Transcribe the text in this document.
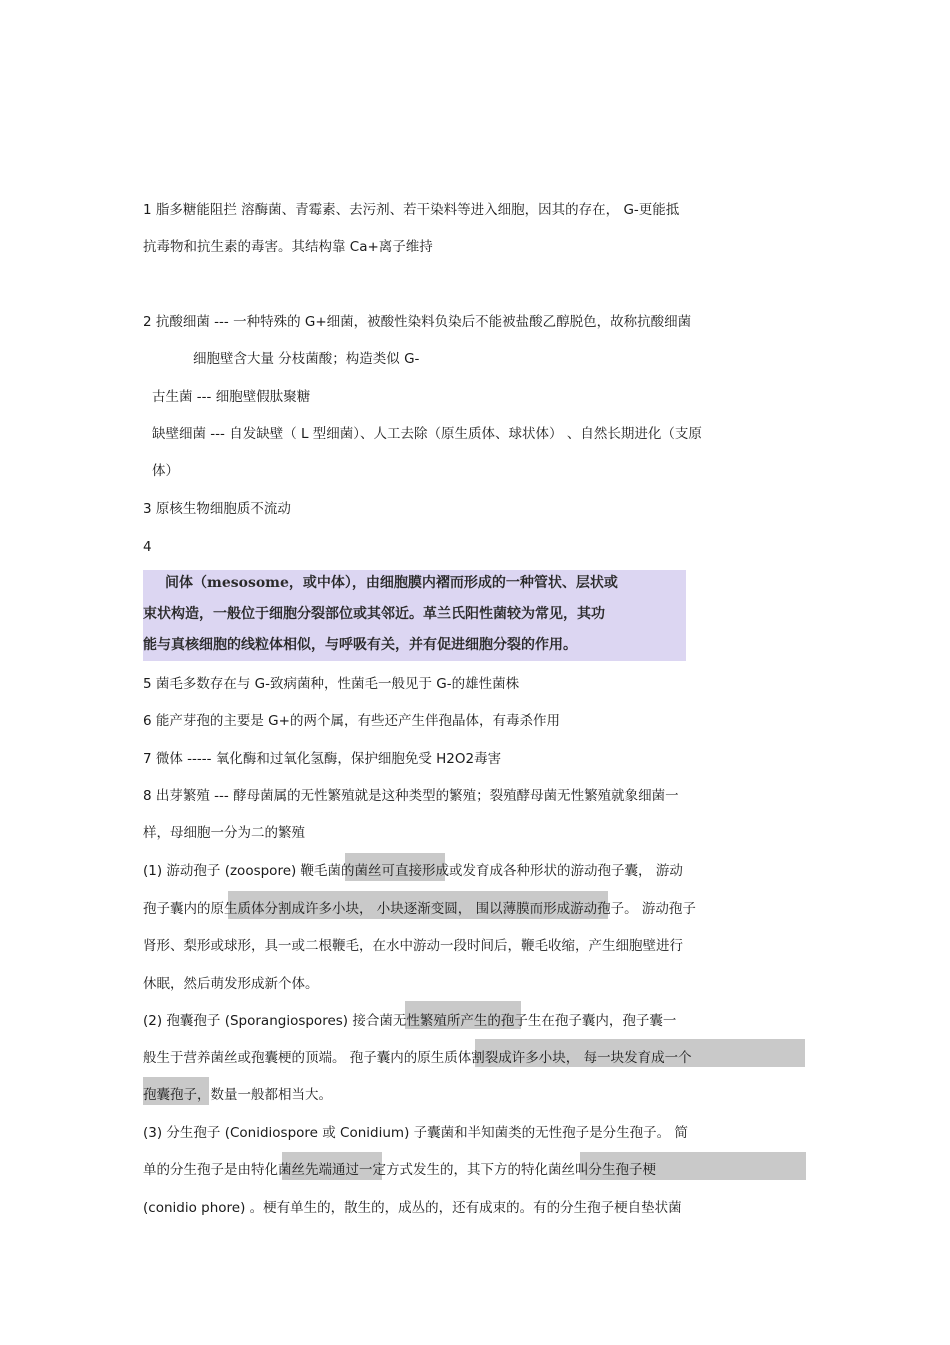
1 脂多糖能阻拦 溶酶菌、青霉素、去污剂、若干染料等进入细胞，因其的存在， G-更能抵
抗毒物和抗生素的毒害。其结构靠 Ca+离子维持
2 抗酸细菌 --- 一种特殊的 G+细菌，被酸性染料负染后不能被盐酸乙醇脱色，故称抗酸细菌
细胞壁含大量 分枝菌酸；构造类似 G-
古生菌 --- 细胞壁假肽聚糖
缺壁细菌 --- 自发缺壁（ L 型细菌）、人工去除（原生质体、球状体） 、自然长期进化（支原
体）
3 原核生物细胞质不流动
4
间体（mesosome，或中体），由细胞膜内褶而形成的一种管状、层状或
束状构造，一般位于细胞分裂部位或其邻近。革兰氏阳性菌较为常见，其功
能与真核细胞的线粒体相似，与呼吸有关，并有促进细胞分裂的作用。
5 菌毛多数存在与 G-致病菌种，性菌毛一般见于 G-的雄性菌株
6 能产芽孢的主要是 G+的两个属，有些还产生伴孢晶体，有毒杀作用
7 微体 ----- 氧化酶和过氧化氢酶，保护细胞免受 H2O2毒害
8 出芽繁殖 --- 酵母菌属的无性繁殖就是这种类型的繁殖；裂殖酵母菌无性繁殖就象细菌一
样，母细胞一分为二的繁殖
(1) 游动孢子 (zoospore) 鞭毛菌的菌丝可直接形成或发育成各种形状的游动孢子囊， 游动
孢子囊内的原生质体分割成许多小块， 小块逐渐变圆， 围以薄膜而形成游动孢子。 游动孢子
肾形、梨形或球形，具一或二根鞭毛，在水中游动一段时间后，鞭毛收缩，产生细胞壁进行
休眠，然后萌发形成新个体。
(2) 孢囊孢子 (Sporangiospores) 接合菌无性繁殖所产生的孢子生在孢子囊内，孢子囊一
般生于营养菌丝或孢囊梗的顶端。 孢子囊内的原生质体割裂成许多小块， 每一块发育成一个
孢囊孢子，数量一般都相当大。
(3) 分生孢子 (Conidiospore 或 Conidium) 子囊菌和半知菌类的无性孢子是分生孢子。 简
单的分生孢子是由特化菌丝先端通过一定方式发生的，其下方的特化菌丝叫分生孢子梗
(conidio phore) 。梗有单生的，散生的，成丛的，还有成束的。有的分生孢子梗自垫状菌
